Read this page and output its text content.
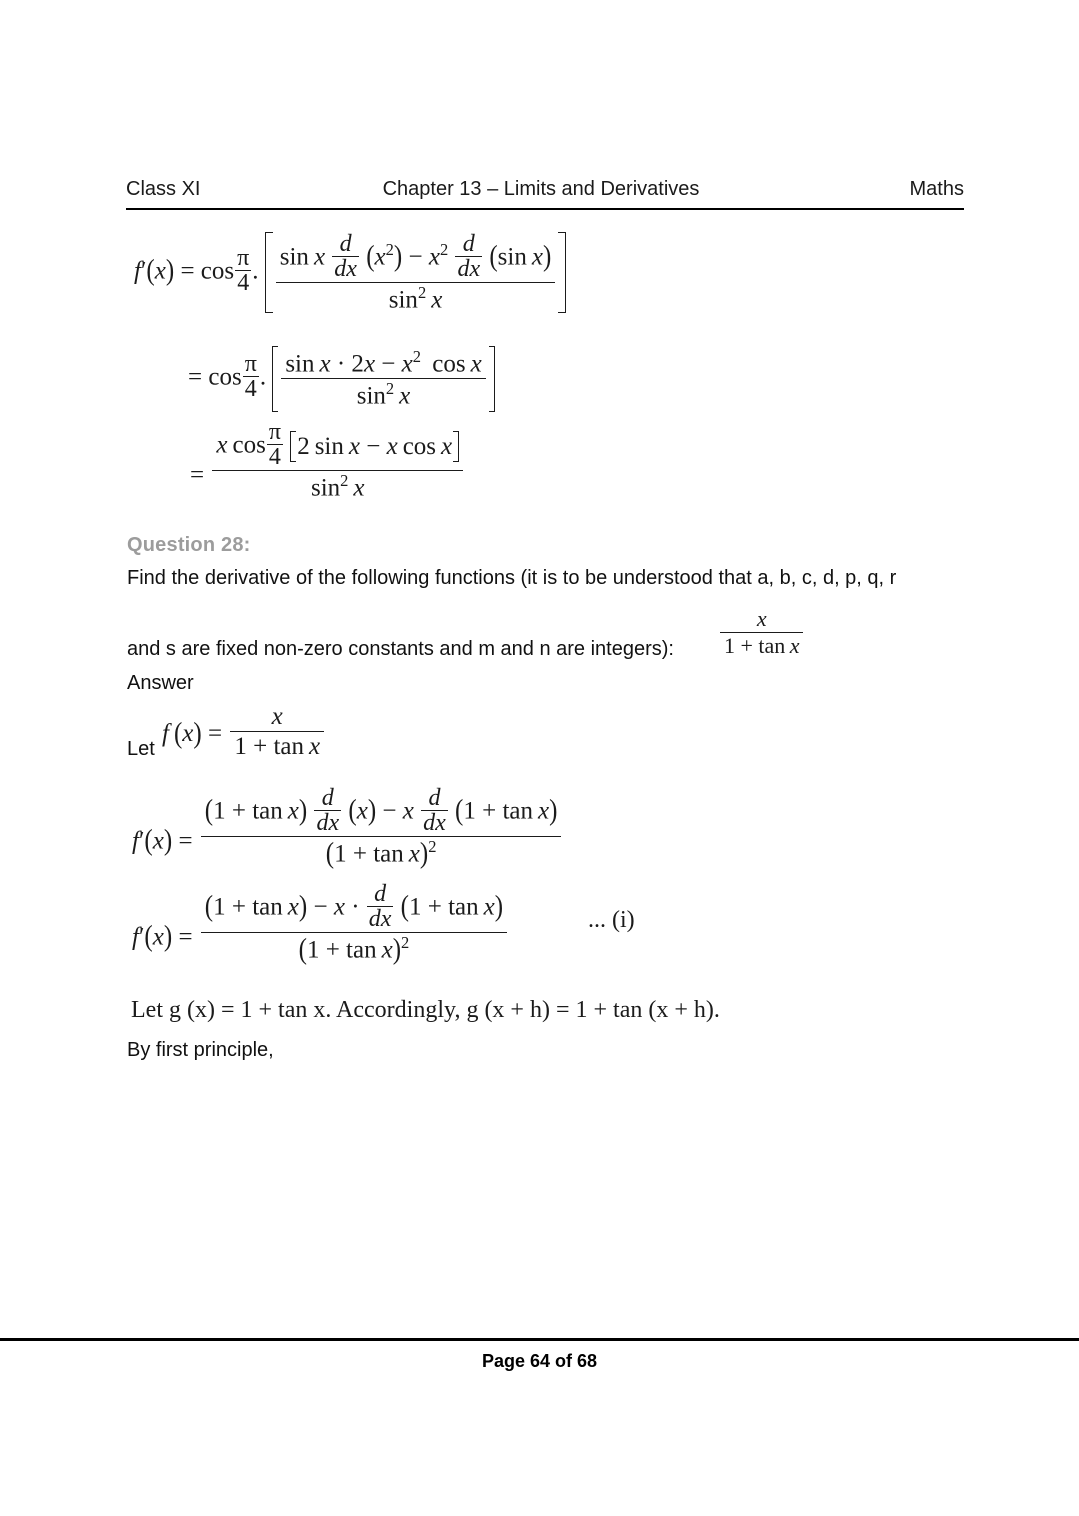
Class XI	Chapter 13 – Limits and Derivatives	Maths
$f'(x) = \cos \frac{\pi}{4}$ .
sin x $\frac{d}{dx} (x^2) - x^2 \frac{d}{dx} (\sin$ x)
$\sin^2 x$
= $\cos \frac{\pi}{4}$ . $\frac{\sin x \cdot 2x - x^2 \cos x}{\sin^2 x}$
= $\frac{x \cos \frac{\pi}{4} 2 \sin x - x \cos x}{\sin^2 x}$
Question 28:
Find the derivative of the following functions (it is to be understood that a, b, c, d, p, q, r
and s are fixed non-zero constants and m and n are integers): $\frac{x}{\text{1 + tan x}}$
Answer
Let
f  $(x) = \frac{x}{\text{1 + tan x}}$
f′(x) =
$(1 + \tan x) \frac{d}{dx} (x) - x \frac{d}{dx} (1 + \tan x)$
$(1 + \tan x)^2$
$f'(x) = \frac{(1 + \tan x) - x \cdot \frac{d}{dx} (1 + \tan x)}{(1 + \tan x)^2}$	... (i)
Let g (x) = 1 + tan x. Accordingly, g (x + h) = 1 + tan (x + h).
By first principle,
Page 64 of 68
